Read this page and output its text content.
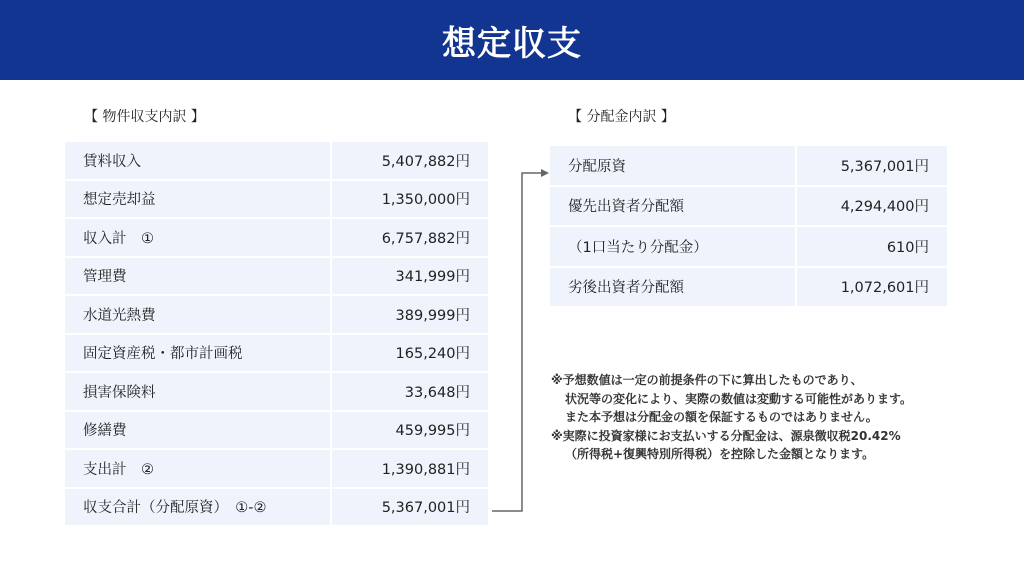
想定収支
【 物件収支内訳 】
賃料収入	5,407,882円
想定売却益	1,350,000円
収入計　①	6,757,882円
管理費	341,999円
水道光熱費	389,999円
固定資産税・都市計画税	165,240円
損害保険料	33,648円
修繕費	459,995円
支出計　②	1,390,881円
収支合計（分配原資）　①-②	5,367,001円
【 分配金内訳 】
分配原資	5,367,001円
優先出資者分配額	4,294,400円
（1口当たり分配金）	610円
劣後出資者分配額	1,072,601円
※予想数値は一定の前提条件の下に算出したものであり、
状況等の変化により、実際の数値は変動する可能性があります。
また本予想は分配金の額を保証するものではありません。
※実際に投資家様にお支払いする分配金は、源泉徴収税20.42%
（所得税+復興特別所得税）を控除した金額となります。
